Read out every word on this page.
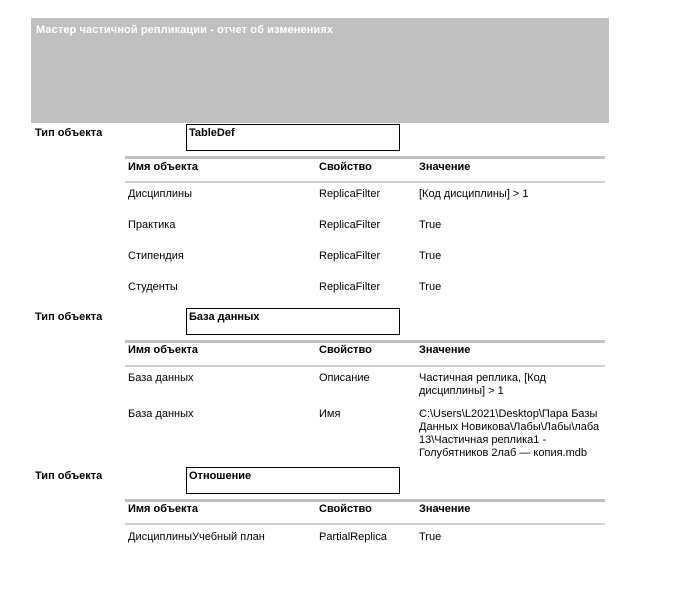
Мастер частичной репликации - отчет об изменениях
Тип объекта	TableDef
Имя объекта	Свойство	Значение
Дисциплины	ReplicaFilter	[Код дисциплины] > 1
Практика	ReplicaFilter	True
Стипендия	ReplicaFilter	True
Студенты	ReplicaFilter	True
Тип объекта	База данных
Имя объекта	Свойство	Значение
База данных	Описание	Частичная реплика, [Код дисциплины] > 1
База данных	Имя	C:\Users\L2021\Desktop\Пара Базы Данных Новикова\Лабы\Лабы\лаба 13\Частичная реплика1 - Голубятников 2лаб — копия.mdb
Тип объекта	Отношение
Имя объекта	Свойство	Значение
ДисциплиныУчебный план	PartialReplica	True
